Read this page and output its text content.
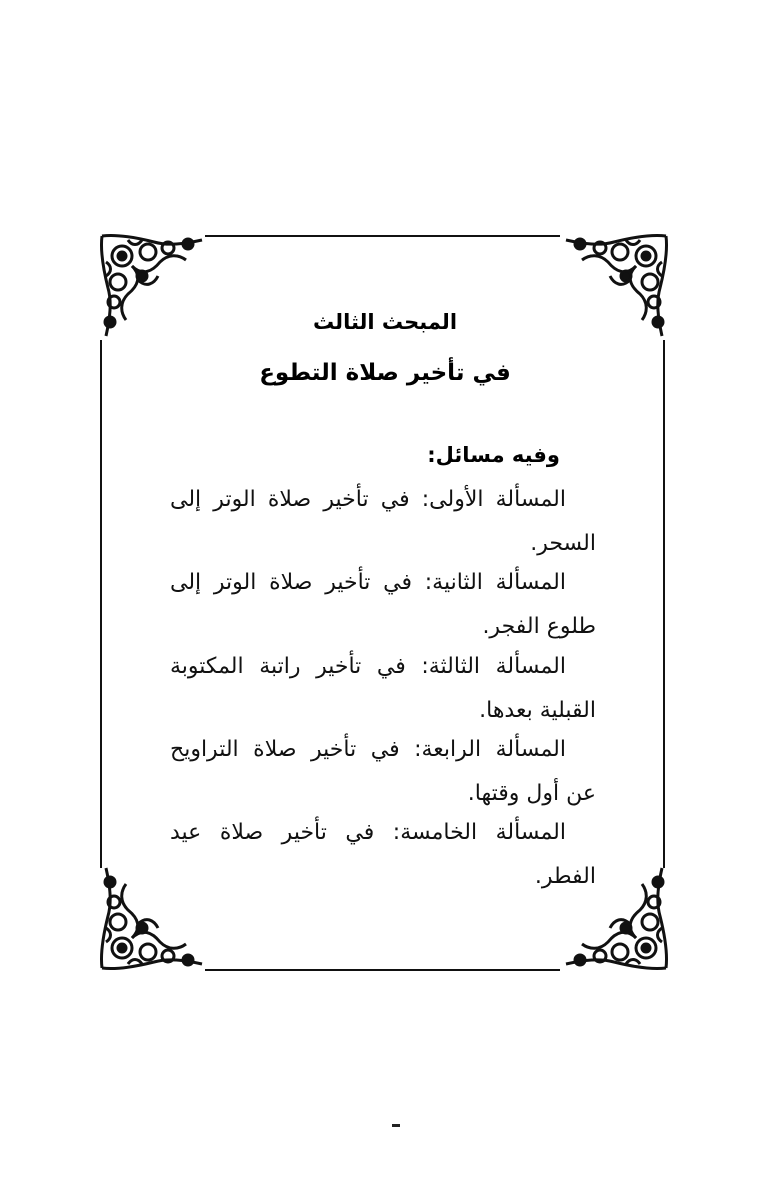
المبحث الثالث
في تأخير صلاة التطوع
وفيه مسائل:
المسألة الأولى: في تأخير صلاة الوتر إلى
السحر.
المسألة الثانية: في تأخير صلاة الوتر إلى
طلوع الفجر.
المسألة الثالثة: في تأخير راتبة المكتوبة
القبلية بعدها.
المسألة الرابعة: في تأخير صلاة التراويح
عن أول وقتها.
المسألة الخامسة: في تأخير صلاة عيد
الفطر.
